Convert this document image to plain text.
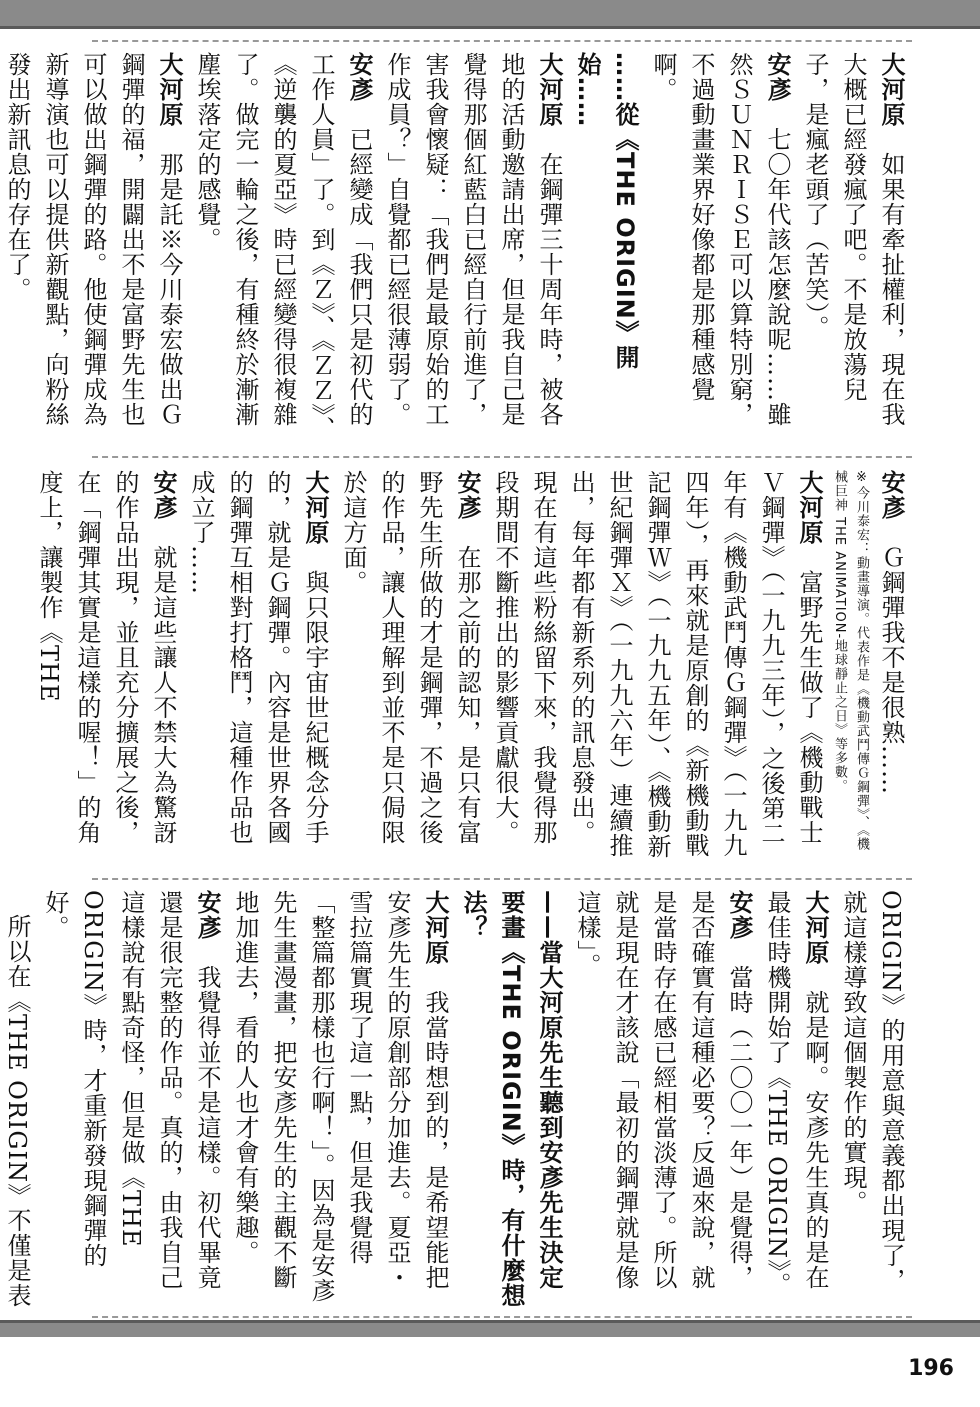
大河原　如果有牽扯權利，現在我大概已經發瘋了吧。不是放蕩兒子，是瘋老頭了（苦笑）。

安彥　七〇年代該怎麼說呢……雖然ＳＵＮＲＩＳＥ可以算特別窮，不過動畫業界好像都是那種感覺啊。

……從《THE ORIGIN》開始……

大河原　在鋼彈三十周年時，被各地的活動邀請出席，但是我自己是覺得那個紅藍白已經自行前進了，害我會懷疑：「我們是最原始的工作成員？」自覺都已經很薄弱了。

安彥　已經變成「我們只是初代的工作人員」了。到《Ｚ》、《ＺＺ》、《逆襲的夏亞》時已經變得很複雜了。做完一輪之後，有種終於漸漸塵埃落定的感覺。

大河原　那是託※今川泰宏做出Ｇ鋼彈的福，開闢出不是富野先生也可以做出鋼彈的路。他使鋼彈成為新導演也可以提供新觀點，向粉絲發出新訊息的存在了。

安彥　Ｇ鋼彈我不是很熟……

※今川泰宏：動畫導演。代表作是《機動武鬥傳Ｇ鋼彈》、《機械巨神 THE ANIMATION-地球靜止之日》等多數。

大河原　富野先生做了《機動戰士Ｖ鋼彈》（一九九三年），之後第二年有《機動武鬥傳Ｇ鋼彈》（一九九四年），再來就是原創的《新機動戰記鋼彈Ｗ》（一九九五年）、《機動新世紀鋼彈Ｘ》（一九九六年）連續推出，每年都有新系列的訊息發出。現在有這些粉絲留下來，我覺得那段期間不斷推出的影響貢獻很大。

安彥　在那之前的認知，是只有富野先生所做的才是鋼彈，不過之後的作品，讓人理解到並不是只侷限於這方面。

大河原　與只限宇宙世紀概念分手的，就是Ｇ鋼彈。內容是世界各國的鋼彈互相對打格鬥，這種作品也成立了……

安彥　就是這些讓人不禁大為驚訝的作品出現，並且充分擴展之後，在「鋼彈其實是這樣的喔！」的角度上，讓製作《THE

ORIGIN》的用意與意義都出現了，就這樣導致這個製作的實現。

大河原　就是啊。安彥先生真的是在最佳時機開始了《THE ORIGIN》。

安彥　當時（二〇〇一年）是覺得，是否確實有這種必要？反過來說，就是當時存在感已經相當淡薄了。所以就是現在才該說「最初的鋼彈就是像這樣」。

——當大河原先生聽到安彥先生決定要畫《THE ORIGIN》時，有什麼想法？

大河原　我當時想到的，是希望能把安彥先生的原創部分加進去。夏亞・雪拉篇實現了這一點，但是我覺得「整篇都那樣也行啊！」。因為是安彥先生畫漫畫，把安彥先生的主觀不斷地加進去，看的人也才會有樂趣。

安彥　我覺得並不是這樣。初代畢竟還是很完整的作品。真的，由我自己這樣說有點奇怪，但是做《THE ORIGIN》時，才重新發現鋼彈的好。

所以在《THE ORIGIN》不僅是表

196
